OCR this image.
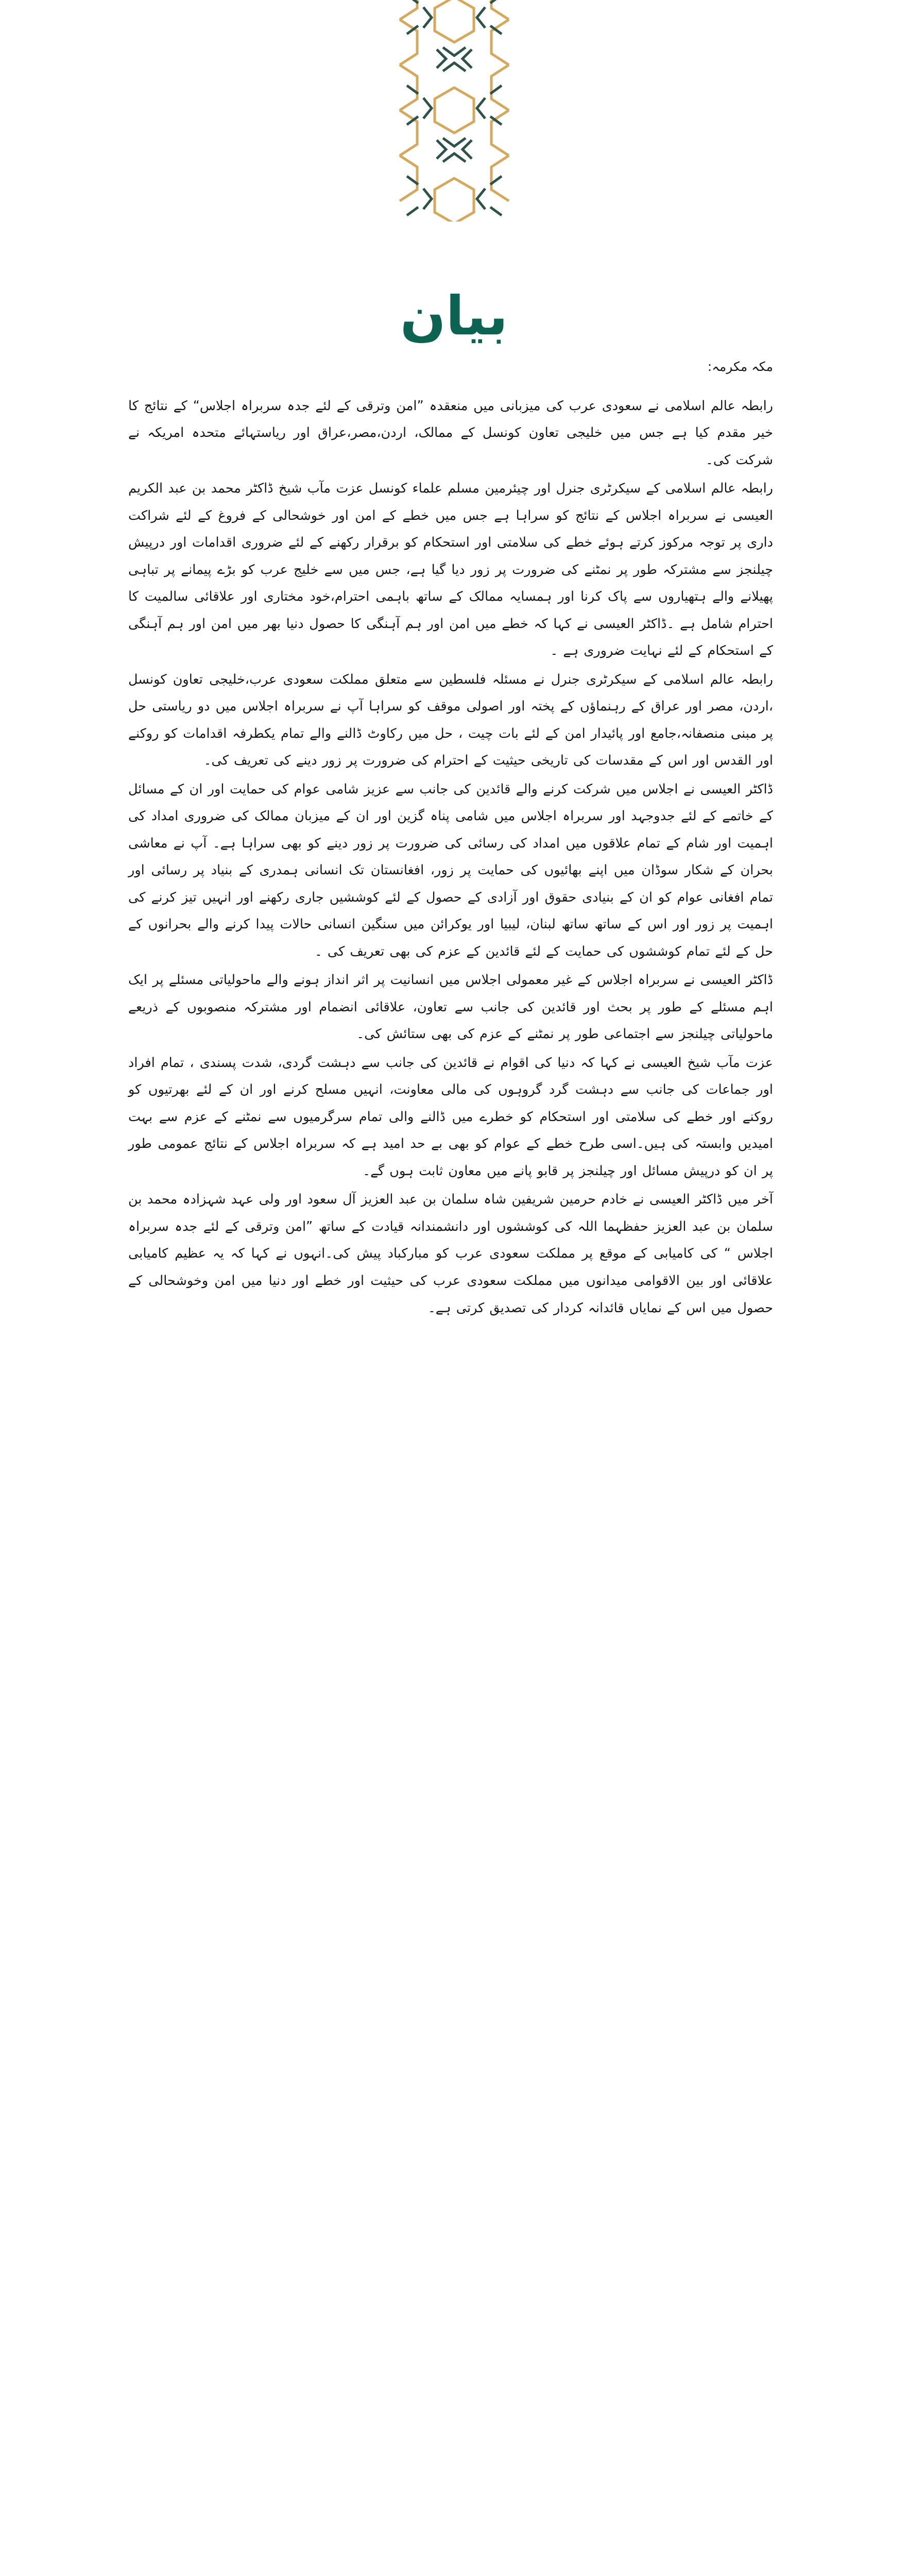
بیان

مکہ مکرمہ:

رابطہ عالم اسلامی نے سعودی عرب کی میزبانی میں منعقدہ ”امن وترقی کے لئے جدہ سربراہ اجلاس“ کے نتائج کا خیر مقدم کیا ہے جس میں خلیجی تعاون کونسل کے ممالک، اردن،مصر،عراق اور ریاستہائے متحدہ امریکہ نے شرکت کی۔

رابطہ عالم اسلامی کے سیکرٹری جنرل اور چیئرمین مسلم علماء کونسل عزت مآب شیخ ڈاکٹر محمد بن عبد الکریم العیسی نے سربراہ اجلاس کے نتائج کو سراہا ہے جس میں خطے کے امن اور خوشحالی کے فروغ کے لئے شراکت داری پر توجہ مرکوز کرتے ہوئے خطے کی سلامتی اور استحکام کو برقرار رکھنے کے لئے ضروری اقدامات اور درپیش چیلنجز سے مشترکہ طور پر نمٹنے کی ضرورت پر زور دیا گیا ہے، جس میں سے خلیج عرب کو بڑے پیمانے پر تباہی پھیلانے والے ہتھیاروں سے پاک کرنا اور ہمسایہ ممالک کے ساتھ باہمی احترام،خود مختاری اور علاقائی سالمیت کا احترام شامل ہے ۔ڈاکٹر العیسی نے کہا کہ خطے میں امن اور ہم آہنگی کا حصول دنیا بھر میں امن اور ہم آہنگی کے استحکام کے لئے نہایت ضروری ہے ۔

رابطہ عالم اسلامی کے سیکرٹری جنرل نے مسئلہ فلسطین سے متعلق مملکت سعودی عرب،خلیجی تعاون کونسل ،اردن، مصر اور عراق کے رہنماؤں کے پختہ اور اصولی موقف کو سراہا آپ نے سربراہ اجلاس میں دو ریاستی حل پر مبنی منصفانہ،جامع اور پائیدار امن کے لئے بات چیت ، حل میں رکاوٹ ڈالنے والے تمام یکطرفہ اقدامات کو روکنے اور القدس اور اس کے مقدسات کی تاریخی حیثیت کے احترام کی ضرورت پر زور دینے کی تعریف کی۔

ڈاکٹر العیسی نے اجلاس میں شرکت کرنے والے قائدین کی جانب سے عزیز شامی عوام کی حمایت اور ان کے مسائل کے خاتمے کے لئے جدوجہد اور سربراہ اجلاس میں شامی پناہ گزین اور ان کے میزبان ممالک کی ضروری امداد کی اہمیت اور شام کے تمام علاقوں میں امداد کی رسائی کی ضرورت پر زور دینے کو بھی سراہا ہے۔ آپ نے معاشی بحران کے شکار سوڈان میں اپنے بھائیوں کی حمایت پر زور، افغانستان تک انسانی ہمدری کے بنیاد پر رسائی اور تمام افغانی عوام کو ان کے بنیادی حقوق اور آزادی کے حصول کے لئے کوششیں جاری رکھنے اور انہیں تیز کرنے کی اہمیت پر زور اور اس کے ساتھ ساتھ لبنان، لیبیا اور یوکرائن میں سنگین انسانی حالات پیدا کرنے والے بحرانوں کے حل کے لئے تمام کوششوں کی حمایت کے لئے قائدین کے عزم کی بھی تعریف کی ۔

ڈاکٹر العیسی نے سربراہ اجلاس کے غیر معمولی اجلاس میں انسانیت پر اثر انداز ہونے والے ماحولیاتی مسئلے پر ایک اہم مسئلے کے طور پر بحث اور قائدین کی جانب سے تعاون، علاقائی انضمام اور مشترکہ منصوبوں کے ذریعے ماحولیاتی چیلنجز سے اجتماعی طور پر نمٹنے کے عزم کی بھی ستائش کی۔

عزت مآب شیخ العیسی نے کہا کہ دنیا کی اقوام نے قائدین کی جانب سے دہشت گردی، شدت پسندی ، تمام افراد اور جماعات کی جانب سے دہشت گرد گروہوں کی مالی معاونت، انہیں مسلح کرنے اور ان کے لئے بھرتیوں کو روکنے اور خطے کی سلامتی اور استحکام کو خطرے میں ڈالنے والی تمام سرگرمیوں سے نمٹنے کے عزم سے بہت امیدیں وابستہ کی ہیں۔اسی طرح خطے کے عوام کو بھی بے حد امید ہے کہ سربراہ اجلاس کے نتائج عمومی طور پر ان کو درپیش مسائل اور چیلنجز پر قابو پانے میں معاون ثابت ہوں گے۔

آخر میں ڈاکٹر العیسی نے خادم حرمین شریفین شاہ سلمان بن عبد العزیز آل سعود اور ولی عہد شہزادہ محمد بن سلمان بن عبد العزیز حفظہما اللہ کی کوششوں اور دانشمندانہ قیادت کے ساتھ ”امن وترقی کے لئے جدہ سربراہ اجلاس “ کی کامیابی کے موقع پر مملکت سعودی عرب کو مبارکباد پیش کی۔انہوں نے کہا کہ یہ عظیم کامیابی علاقائی اور بین الاقوامی میدانوں میں مملکت سعودی عرب کی حیثیت اور خطے اور دنیا میں امن وخوشحالی کے حصول میں اس کے نمایاں قائدانہ کردار کی تصدیق کرتی ہے۔
